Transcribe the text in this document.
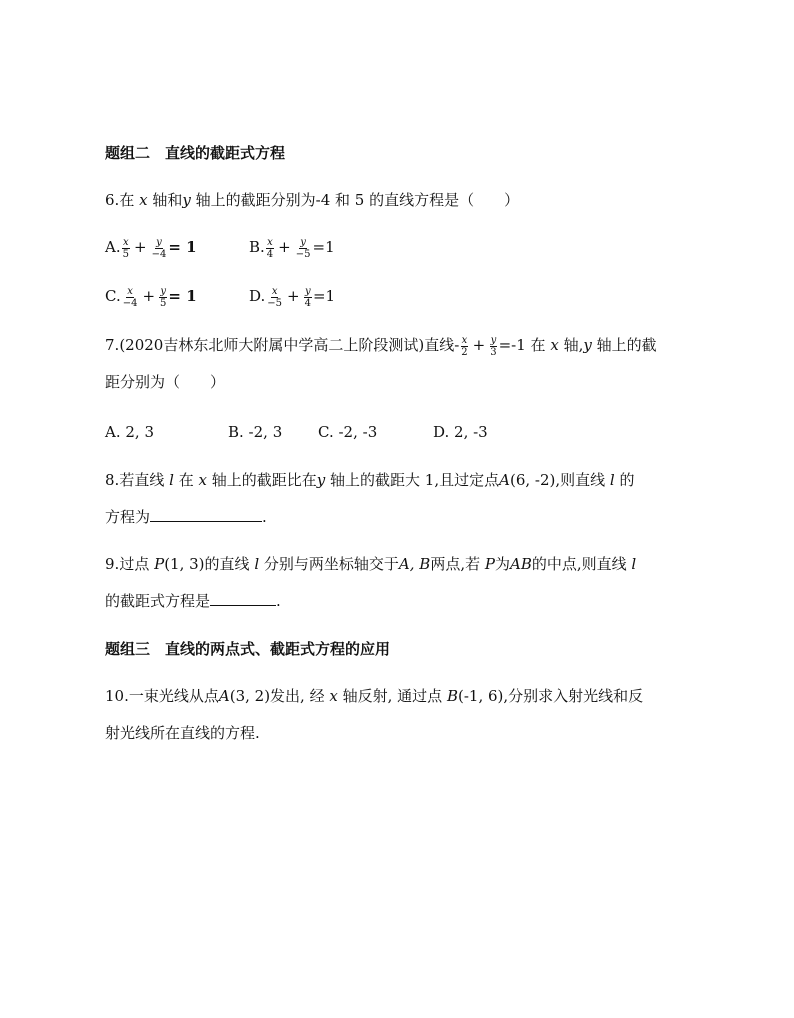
题组二　直线的截距式方程
6.在 x 轴和y 轴上的截距分别为-4 和 5 的直线方程是（　　）
A. $\frac{x}{5} + \frac{y}{-4} = 1$	B. $\frac{x}{4} + \frac{y}{-5} =1$
C. $\frac{x}{-4} + \frac{y}{5} = 1$	D. $\frac{x}{-5} + \frac{y}{4} =1$
7.(2020吉林东北师大附属中学高二上阶段测试)直线- $\frac{x}{2} + \frac{y}{3} =-1$ 在 x 轴,y 轴上的截
距分别为（　　）
A. 2, 3	B. -2, 3 C. -2, -3	D. 2, -3
8.若直线 l 在 x 轴上的截距比在y 轴上的截距大 1,且过定点A(6, -2),则直线 l 的
方程为	.
9.过点 P(1, 3)的直线 l 分别与两坐标轴交于A, B两点,若 P为AB的中点,则直线 l
的截距式方程是	.
题组三　直线的两点式、截距式方程的应用
10.一束光线从点A(3, 2)发出, 经 x 轴反射, 通过点 B(-1, 6),分别求入射光线和反
射光线所在直线的方程.
